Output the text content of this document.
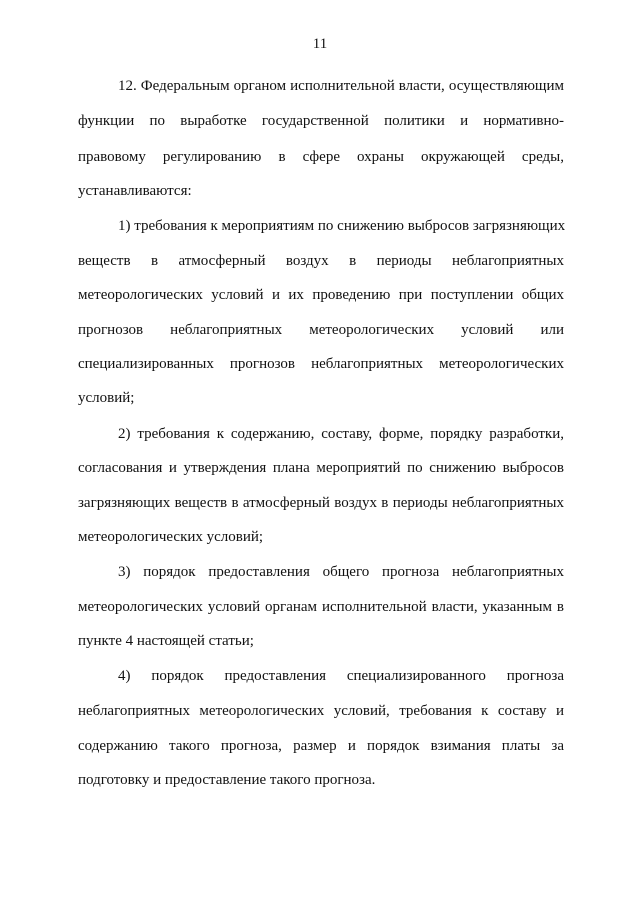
11
12. Федеральным органом исполнительной власти, осуществляющим
функции по выработке государственной политики и нормативно-
правовому регулированию в сфере охраны окружающей среды,
устанавливаются:
1) требования к мероприятиям по снижению выбросов загрязняющих
веществ в атмосферный воздух в периоды неблагоприятных
метеорологических условий и их проведению при поступлении общих
прогнозов неблагоприятных метеорологических условий или
специализированных прогнозов неблагоприятных метеорологических
условий;
2) требования к содержанию, составу, форме, порядку разработки,
согласования и утверждения плана мероприятий по снижению выбросов
загрязняющих веществ в атмосферный воздух в периоды неблагоприятных
метеорологических условий;
3) порядок предоставления общего прогноза неблагоприятных
метеорологических условий органам исполнительной власти, указанным в
пункте 4 настоящей статьи;
4) порядок предоставления специализированного прогноза
неблагоприятных метеорологических условий, требования к составу и
содержанию такого прогноза, размер и порядок взимания платы за
подготовку и предоставление такого прогноза.
